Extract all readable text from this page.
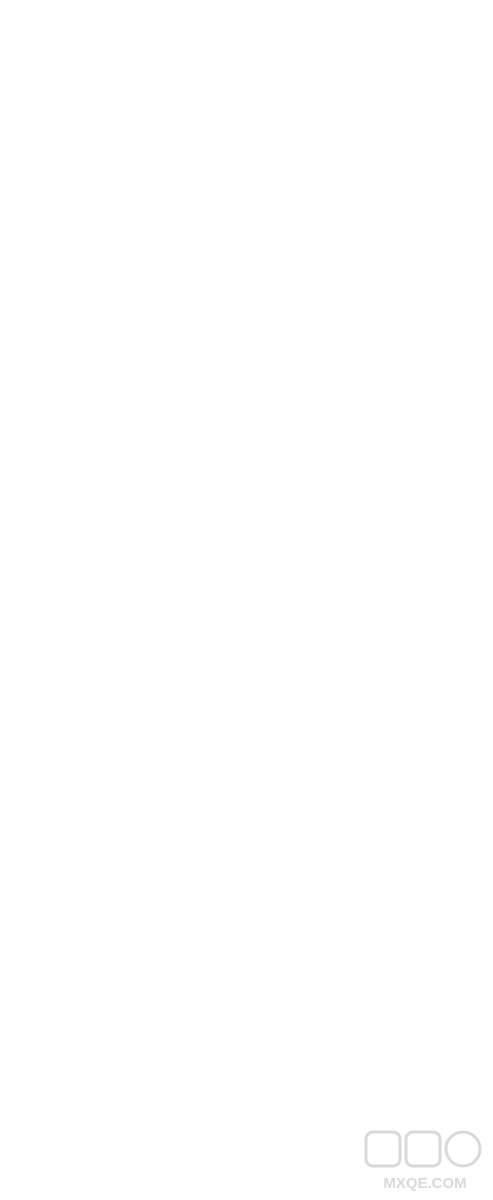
MXQE.COM
